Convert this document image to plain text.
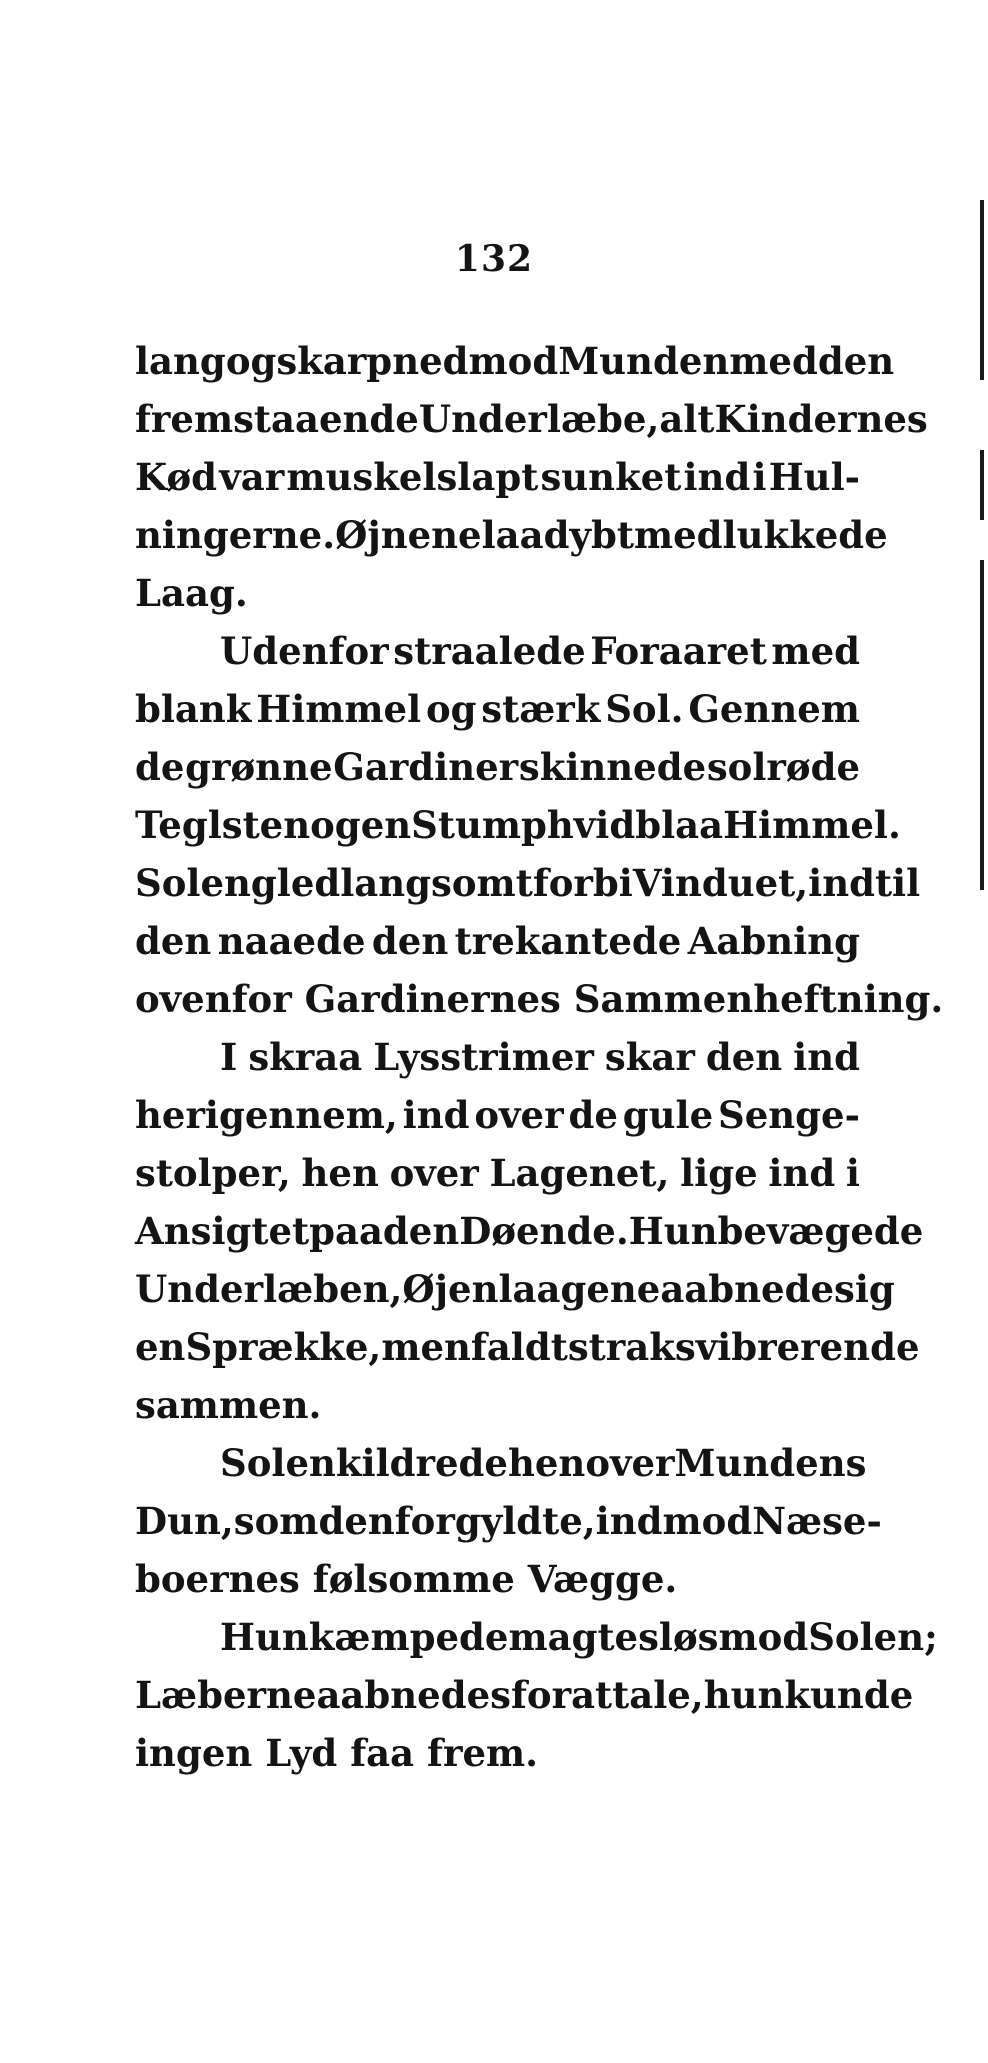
132
lang og skarp ned mod Munden med den
fremstaaende Underlæbe, alt Kindernes
Kød var muskelslapt sunket ind i Hul-
ningerne. Øjnene laa dybt med lukkede
Laag.
Udenfor straalede Foraaret med
blank Himmel og stærk Sol. Gennem
de grønne Gardiner skinnede solrøde
Teglsten og en Stump hvidblaa Himmel.
Solen gled langsomt forbi Vinduet, indtil
den naaede den trekantede Aabning
ovenfor Gardinernes Sammenheftning.
I skraa Lysstrimer skar den ind
herigennem, ind over de gule Senge-
stolper, hen over Lagenet, lige ind i
Ansigtet paa den Døende. Hun bevægede
Underlæben, Øjenlaagene aabnede sig
en Sprække, men faldt straks vibrerende
sammen.
Solen kildrede hen over Mundens
Dun, som den forgyldte, ind mod Næse-
boernes følsomme Vægge.
Hun kæmpede magtesløs mod Solen;
Læberne aabnedes for at tale, hun kunde
ingen Lyd faa frem.
